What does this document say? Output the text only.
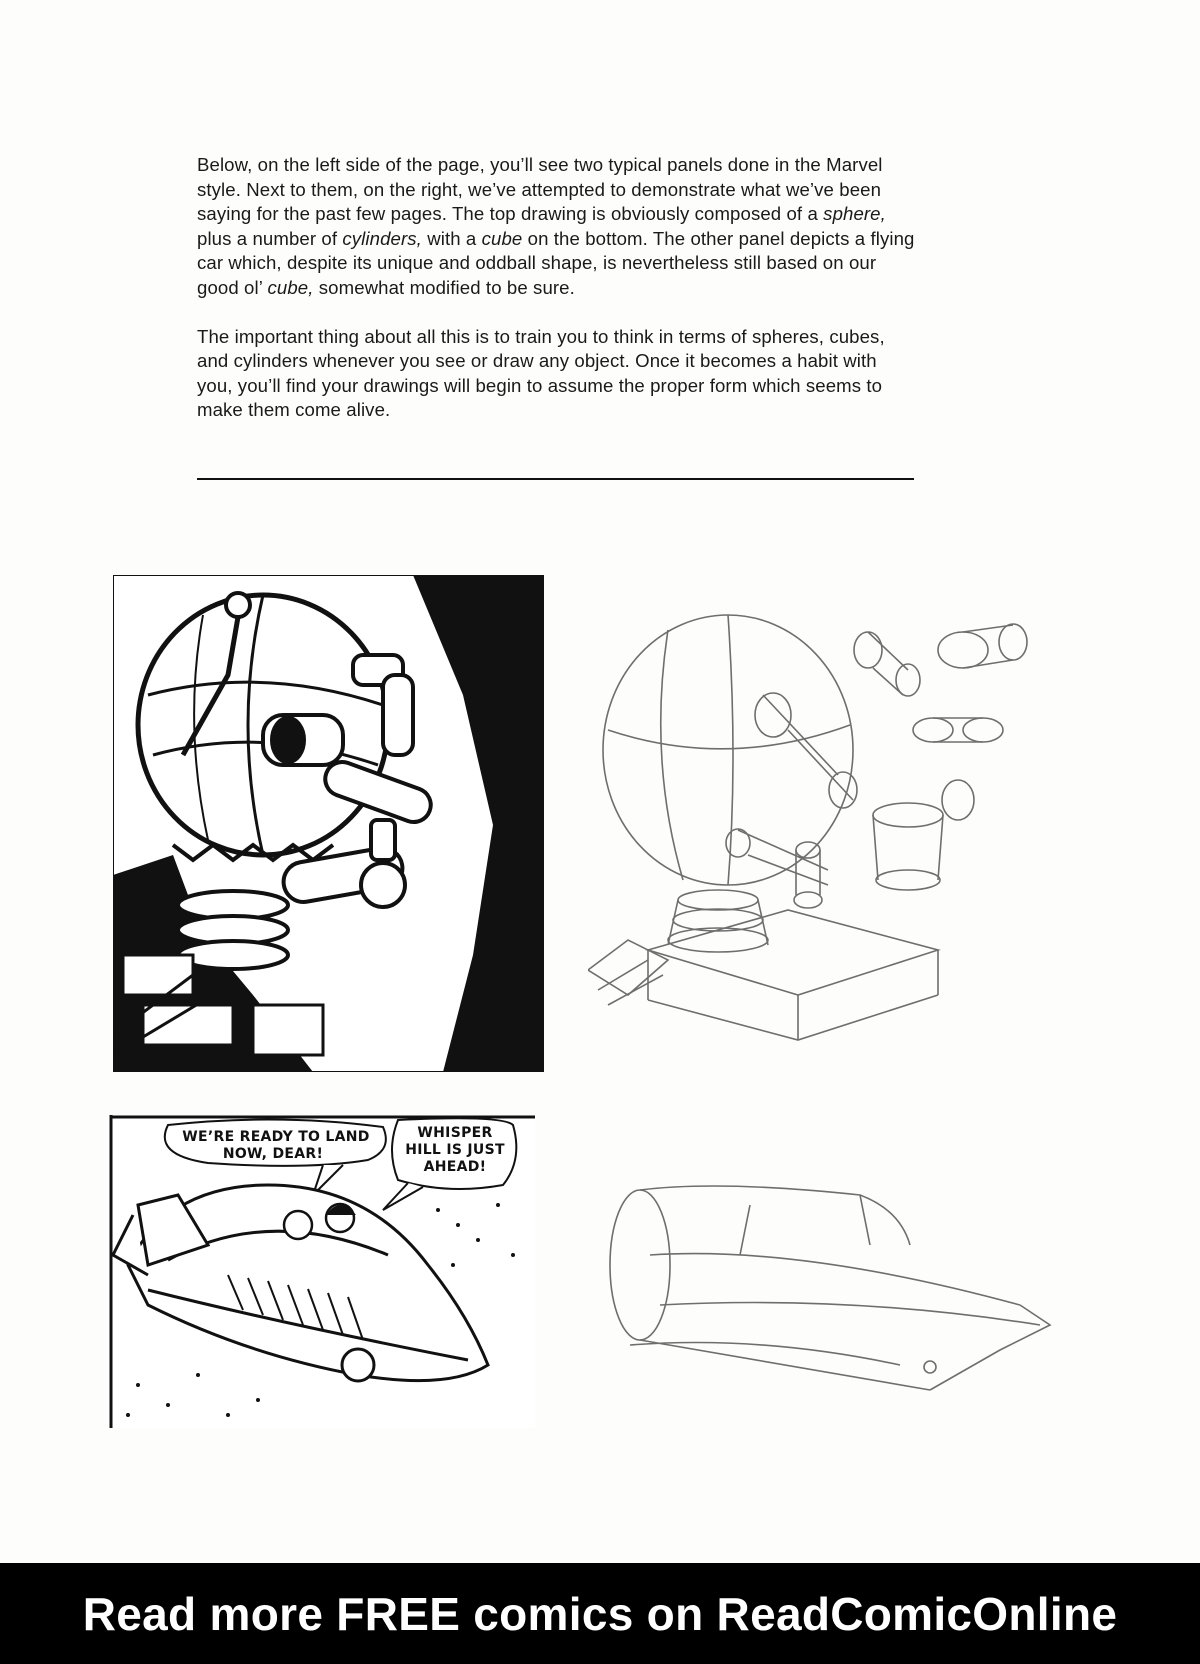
Below, on the left side of the page, you’ll see two typical panels done in the Marvel style. Next to them, on the right, we’ve attempted to demonstrate what we’ve been saying for the past few pages. The top drawing is obviously composed of a sphere, plus a number of cylinders, with a cube on the bottom. The other panel depicts a flying car which, despite its unique and oddball shape, is nevertheless still based on our good ol’ cube, somewhat modified to be sure.

The important thing about all this is to train you to think in terms of spheres, cubes, and cylinders whenever you see or draw any object. Once it becomes a habit with you, you’ll find your drawings will begin to assume the proper form which seems to make them come alive.

WE’RE READY TO LAND
NOW, DEAR!
WHISPER
HILL IS JUST
AHEAD!
Read more FREE comics on ReadComicOnline
